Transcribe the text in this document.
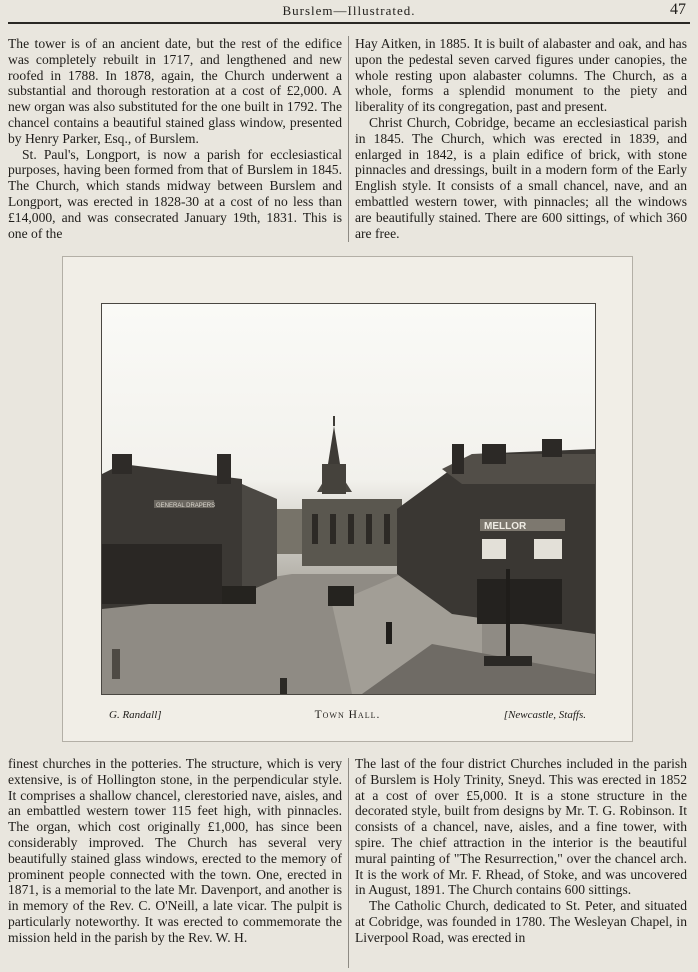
Burslem—Illustrated.	47

The tower is of an ancient date, but the rest of the edifice was completely rebuilt in 1717, and lengthened and new roofed in 1788. In 1878, again, the Church underwent a substantial and thorough restoration at a cost of £2,000. A new organ was also substituted for the one built in 1792. The chancel contains a beautiful stained glass window, presented by Henry Parker, Esq., of Burslem.

St. Paul's, Longport, is now a parish for ecclesiastical purposes, having been formed from that of Burslem in 1845. The Church, which stands midway between Burslem and Longport, was erected in 1828-30 at a cost of no less than £14,000, and was consecrated January 19th, 1831. This is one of the

Hay Aitken, in 1885. It is built of alabaster and oak, and has upon the pedestal seven carved figures under canopies, the whole resting upon alabaster columns. The Church, as a whole, forms a splendid monument to the piety and liberality of its congregation, past and present.

Christ Church, Cobridge, became an ecclesiastical parish in 1845. The Church, which was erected in 1839, and enlarged in 1842, is a plain edifice of brick, with stone pinnacles and dressings, built in a modern form of the Early English style. It consists of a small chancel, nave, and an embattled western tower, with pinnacles; all the windows are beautifully stained. There are 600 sittings, of which 360 are free.

GENERAL DRAPERS
MELLOR
G. Randall]	Town Hall.	[Newcastle, Staffs.

finest churches in the potteries. The structure, which is very extensive, is of Hollington stone, in the perpendicular style. It comprises a shallow chancel, clerestoried nave, aisles, and an embattled western tower 115 feet high, with pinnacles. The organ, which cost originally £1,000, has since been considerably improved. The Church has several very beautifully stained glass windows, erected to the memory of prominent people connected with the town. One, erected in 1871, is a memorial to the late Mr. Davenport, and another is in memory of the Rev. C. O'Neill, a late vicar. The pulpit is particularly noteworthy. It was erected to commemorate the mission held in the parish by the Rev. W. H.

The last of the four district Churches included in the parish of Burslem is Holy Trinity, Sneyd. This was erected in 1852 at a cost of over £5,000. It is a stone structure in the decorated style, built from designs by Mr. T. G. Robinson. It consists of a chancel, nave, aisles, and a fine tower, with spire. The chief attraction in the interior is the beautiful mural painting of "The Resurrection," over the chancel arch. It is the work of Mr. F. Rhead, of Stoke, and was uncovered in August, 1891. The Church contains 600 sittings.

The Catholic Church, dedicated to St. Peter, and situated at Cobridge, was founded in 1780. The Wesleyan Chapel, in Liverpool Road, was erected in
